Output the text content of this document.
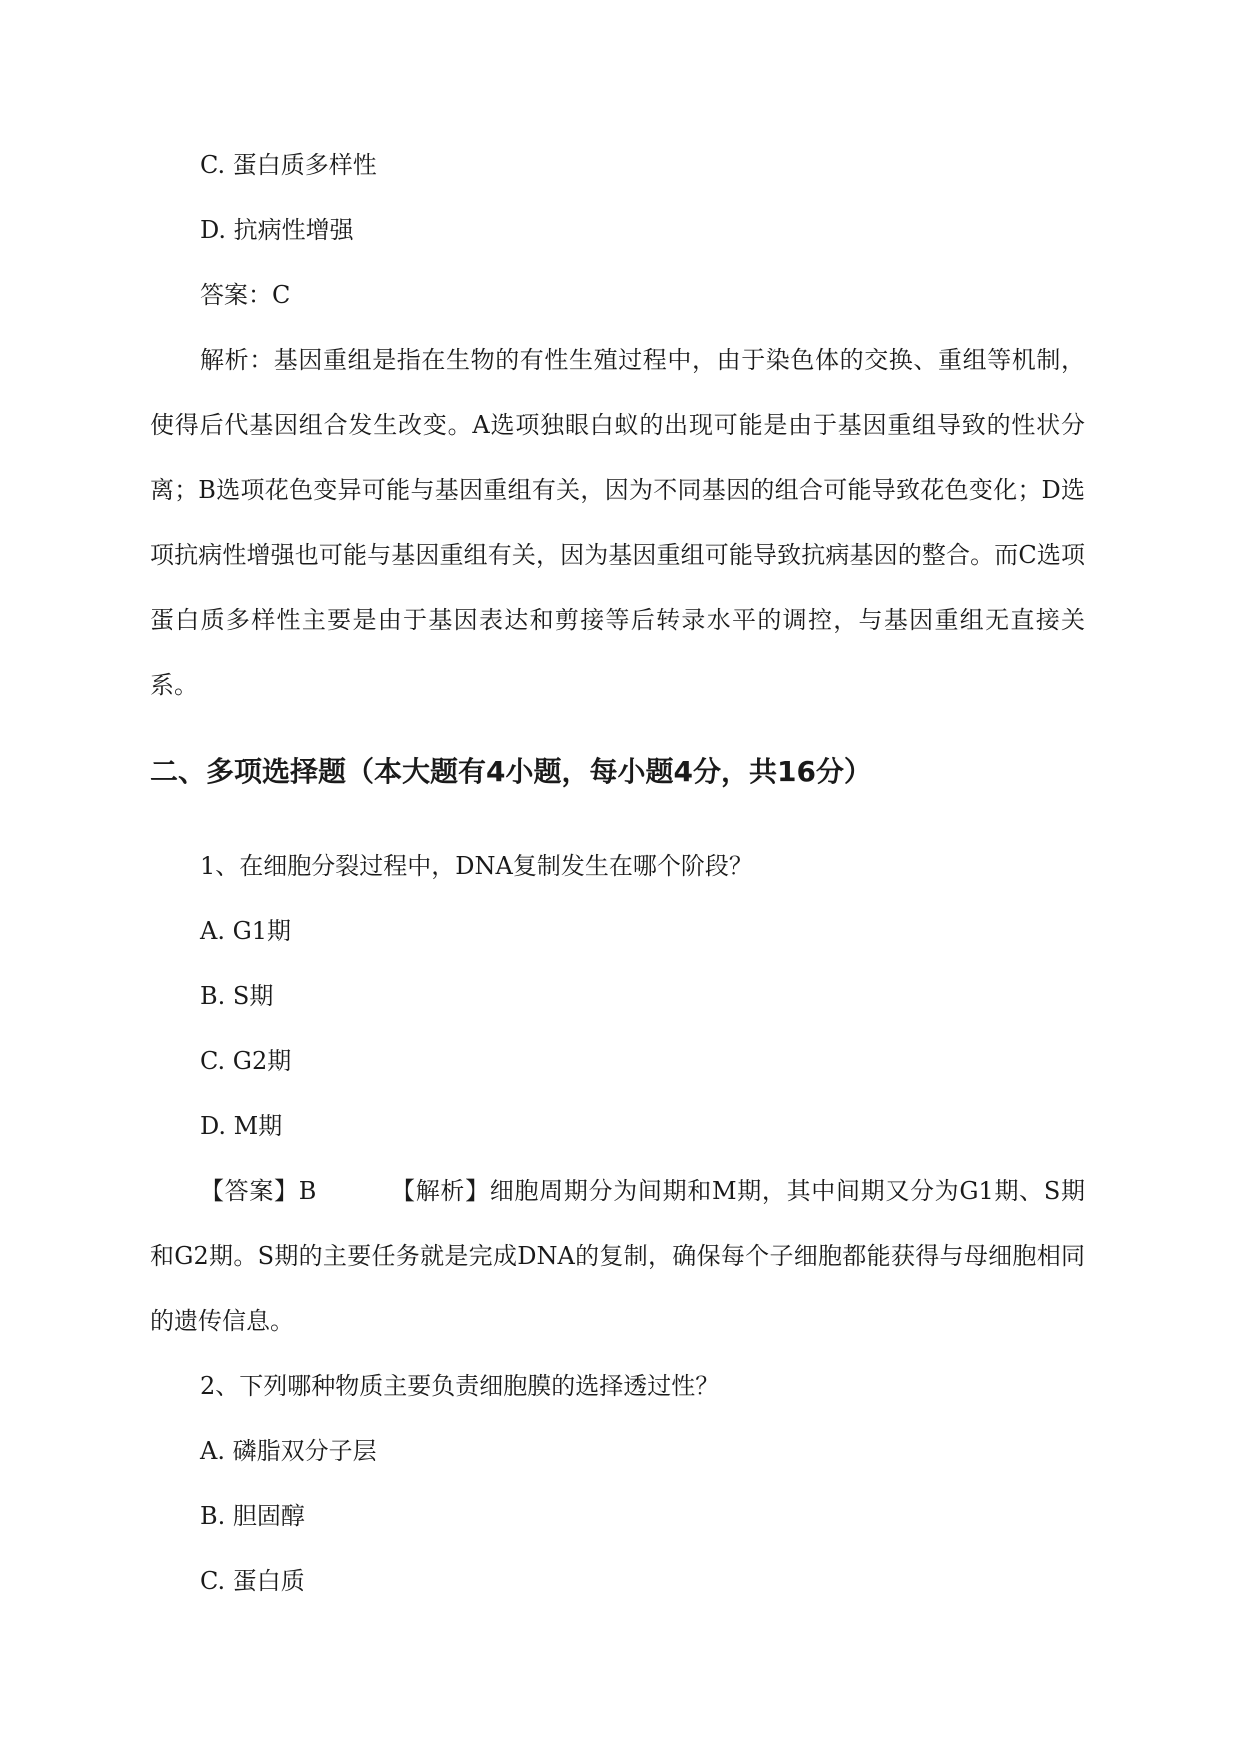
C. 蛋白质多样性
D. 抗病性增强
答案：C

解析：基因重组是指在生物的有性生殖过程中，由于染色体的交换、重组等机制，使得后代基因组合发生改变。A选项独眼白蚁的出现可能是由于基因重组导致的性状分离；B选项花色变异可能与基因重组有关，因为不同基因的组合可能导致花色变化；D选项抗病性增强也可能与基因重组有关，因为基因重组可能导致抗病基因的整合。而C选项蛋白质多样性主要是由于基因表达和剪接等后转录水平的调控，与基因重组无直接关系。

二、多项选择题（本大题有4小题，每小题4分，共16分）
1、在细胞分裂过程中，DNA复制发生在哪个阶段？
A. G1期
B. S期
C. G2期
D. M期

【答案】B	【解析】细胞周期分为间期和M期，其中间期又分为G1期、S期和G2期。S期的主要任务就是完成DNA的复制，确保每个子细胞都能获得与母细胞相同的遗传信息。

2、下列哪种物质主要负责细胞膜的选择透过性？
A. 磷脂双分子层
B. 胆固醇
C. 蛋白质
